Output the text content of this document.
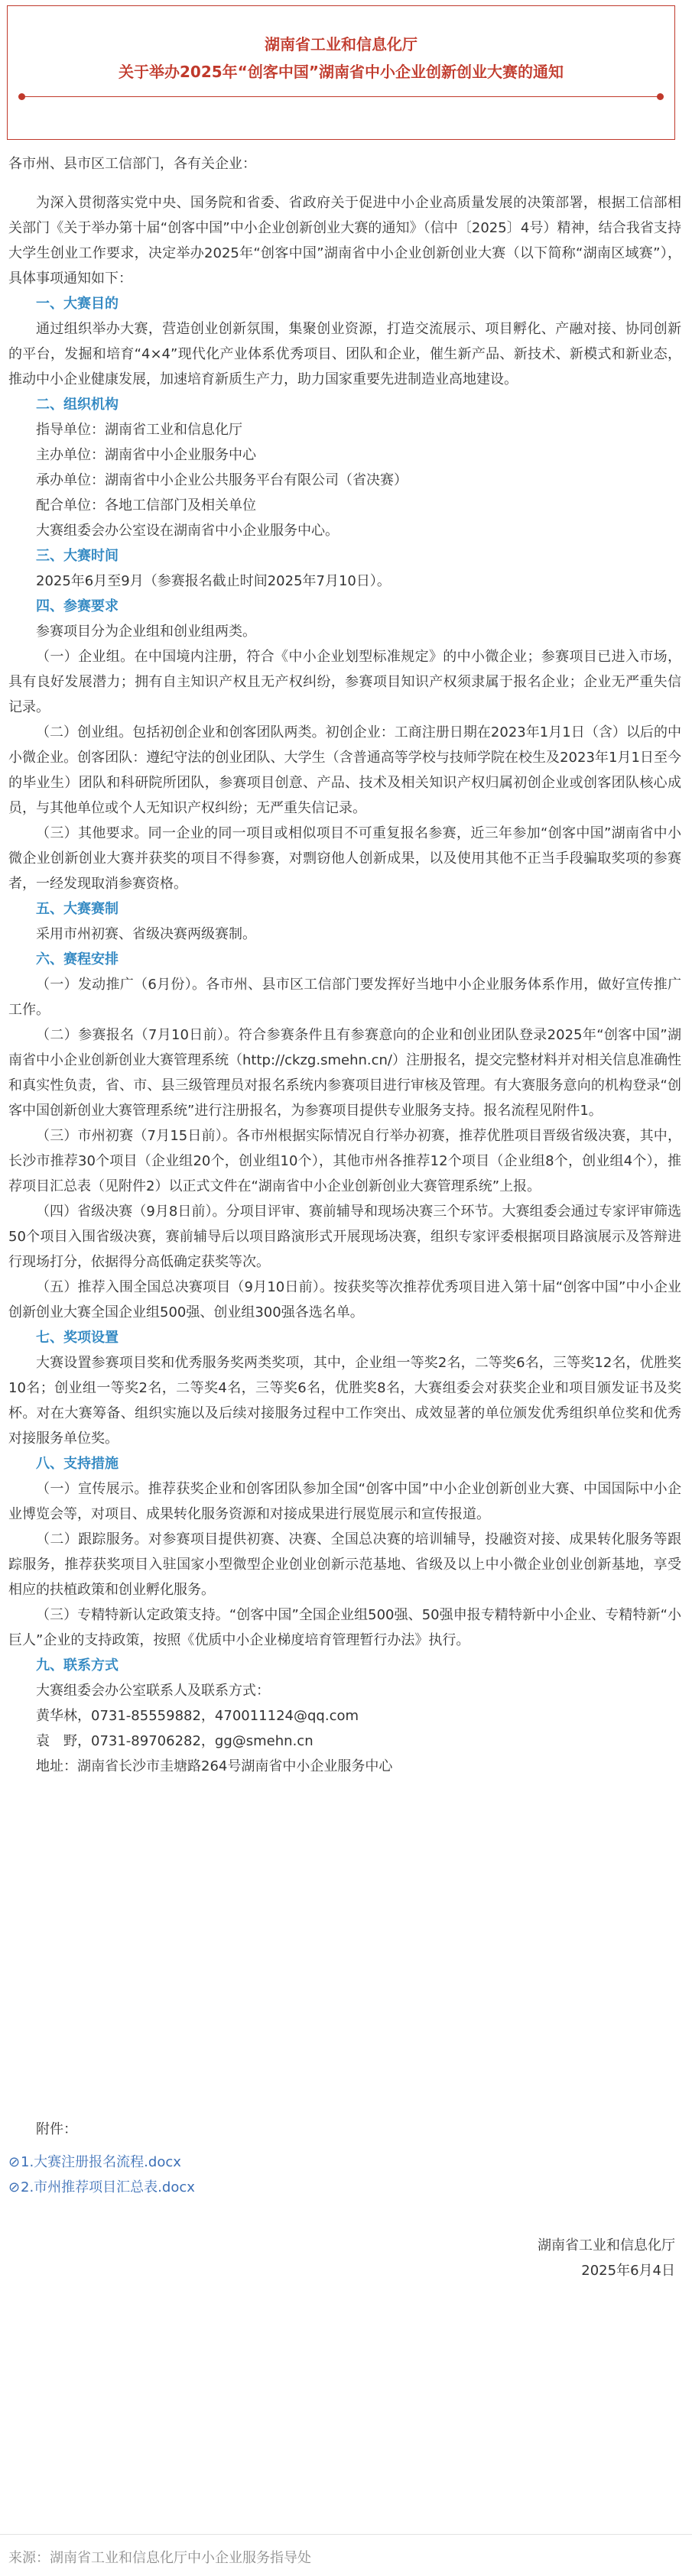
湖南省工业和信息化厅
关于举办2025年“创客中国”湖南省中小企业创新创业大赛的通知
各市州、县市区工信部门，各有关企业：
为深入贯彻落实党中央、国务院和省委、省政府关于促进中小企业高质量发展的决策部署，根据工信部相关部门《关于举办第十届“创客中国”中小企业创新创业大赛的通知》（信中〔2025〕4号）精神，结合我省支持大学生创业工作要求，决定举办2025年“创客中国”湖南省中小企业创新创业大赛（以下简称“湖南区域赛”），具体事项通知如下：
一、大赛目的
通过组织举办大赛，营造创业创新氛围，集聚创业资源，打造交流展示、项目孵化、产融对接、协同创新的平台，发掘和培育“4×4”现代化产业体系优秀项目、团队和企业，催生新产品、新技术、新模式和新业态，推动中小企业健康发展，加速培育新质生产力，助力国家重要先进制造业高地建设。
二、组织机构
指导单位：湖南省工业和信息化厅
主办单位：湖南省中小企业服务中心
承办单位：湖南省中小企业公共服务平台有限公司（省决赛）
配合单位：各地工信部门及相关单位
大赛组委会办公室设在湖南省中小企业服务中心。
三、大赛时间
2025年6月至9月（参赛报名截止时间2025年7月10日）。
四、参赛要求
参赛项目分为企业组和创业组两类。
（一）企业组。在中国境内注册，符合《中小企业划型标准规定》的中小微企业；参赛项目已进入市场，具有良好发展潜力；拥有自主知识产权且无产权纠纷，参赛项目知识产权须隶属于报名企业；企业无严重失信记录。
（二）创业组。包括初创企业和创客团队两类。初创企业：工商注册日期在2023年1月1日（含）以后的中小微企业。创客团队：遵纪守法的创业团队、大学生（含普通高等学校与技师学院在校生及2023年1月1日至今的毕业生）团队和科研院所团队，参赛项目创意、产品、技术及相关知识产权归属初创企业或创客团队核心成员，与其他单位或个人无知识产权纠纷；无严重失信记录。
（三）其他要求。同一企业的同一项目或相似项目不可重复报名参赛，近三年参加“创客中国”湖南省中小微企业创新创业大赛并获奖的项目不得参赛，对剽窃他人创新成果，以及使用其他不正当手段骗取奖项的参赛者，一经发现取消参赛资格。
五、大赛赛制
采用市州初赛、省级决赛两级赛制。
六、赛程安排
（一）发动推广（6月份）。各市州、县市区工信部门要发挥好当地中小企业服务体系作用，做好宣传推广工作。
（二）参赛报名（7月10日前）。符合参赛条件且有参赛意向的企业和创业团队登录2025年“创客中国”湖南省中小企业创新创业大赛管理系统（http://ckzg.smehn.cn/）注册报名，提交完整材料并对相关信息准确性和真实性负责，省、市、县三级管理员对报名系统内参赛项目进行审核及管理。有大赛服务意向的机构登录“创客中国创新创业大赛管理系统”进行注册报名，为参赛项目提供专业服务支持。报名流程见附件1。
（三）市州初赛（7月15日前）。各市州根据实际情况自行举办初赛，推荐优胜项目晋级省级决赛，其中，长沙市推荐30个项目（企业组20个，创业组10个），其他市州各推荐12个项目（企业组8个，创业组4个），推荐项目汇总表（见附件2）以正式文件在“湖南省中小企业创新创业大赛管理系统”上报。
（四）省级决赛（9月8日前）。分项目评审、赛前辅导和现场决赛三个环节。大赛组委会通过专家评审筛选50个项目入围省级决赛，赛前辅导后以项目路演形式开展现场决赛，组织专家评委根据项目路演展示及答辩进行现场打分，依据得分高低确定获奖等次。
（五）推荐入围全国总决赛项目（9月10日前）。按获奖等次推荐优秀项目进入第十届“创客中国”中小企业创新创业大赛全国企业组500强、创业组300强各选名单。
七、奖项设置
大赛设置参赛项目奖和优秀服务奖两类奖项，其中，企业组一等奖2名，二等奖6名，三等奖12名，优胜奖10名；创业组一等奖2名，二等奖4名，三等奖6名，优胜奖8名，大赛组委会对获奖企业和项目颁发证书及奖杯。对在大赛筹备、组织实施以及后续对接服务过程中工作突出、成效显著的单位颁发优秀组织单位奖和优秀对接服务单位奖。
八、支持措施
（一）宣传展示。推荐获奖企业和创客团队参加全国“创客中国”中小企业创新创业大赛、中国国际中小企业博览会等，对项目、成果转化服务资源和对接成果进行展览展示和宣传报道。
（二）跟踪服务。对参赛项目提供初赛、决赛、全国总决赛的培训辅导，投融资对接、成果转化服务等跟踪服务，推荐获奖项目入驻国家小型微型企业创业创新示范基地、省级及以上中小微企业创业创新基地，享受相应的扶植政策和创业孵化服务。
（三）专精特新认定政策支持。“创客中国”全国企业组500强、50强申报专精特新中小企业、专精特新“小巨人”企业的支持政策，按照《优质中小企业梯度培育管理暂行办法》执行。
九、联系方式
大赛组委会办公室联系人及联系方式：
黄华林，0731-85559882，470011124@qq.com
袁　野，0731-89706282，gg@smehn.cn
地址：湖南省长沙市圭塘路264号湖南省中小企业服务中心
附件：
⊘1.大赛注册报名流程.docx
⊘2.市州推荐项目汇总表.docx
湖南省工业和信息化厅
2025年6月4日
来源：湖南省工业和信息化厅中小企业服务指导处
